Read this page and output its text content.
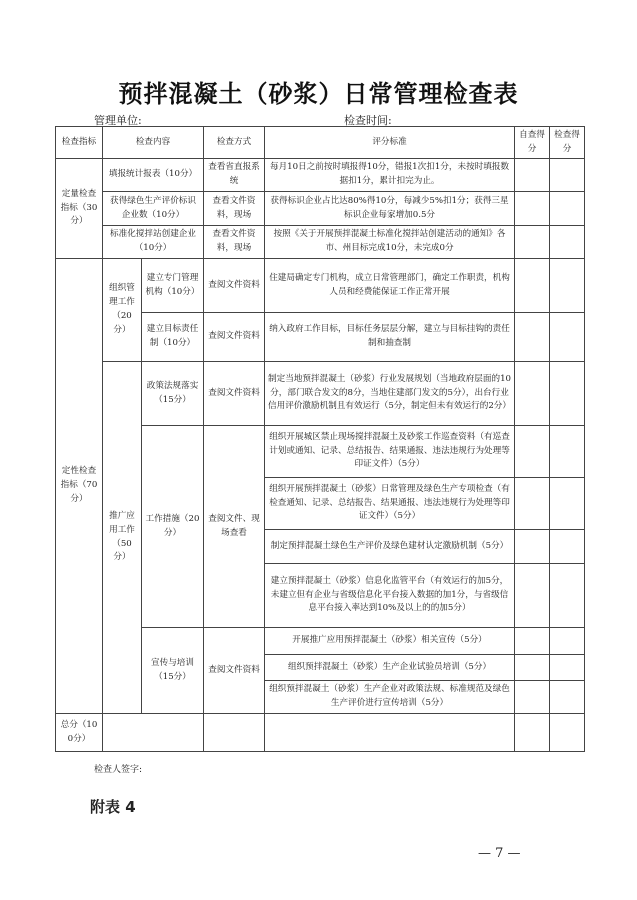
预拌混凝土（砂浆）日常管理检查表
管理单位:	检查时间:
检查指标	检查内容		检查方式	评分标准	自查得分	检查得分
定量检查指标（30分）	填报统计报表（10分）		查看省直报系统	每月10日之前按时填报得10分，错报1次扣1分，未按时填报数据扣1分，累计扣完为止。		
	获得绿色生产评价标识企业数（10分）		查看文件资料，现场	获得标识企业占比达80%得10分，每减少5%扣1分；获得三星标识企业每家增加0.5分		
	标准化搅拌站创建企业（10分）		查看文件资料，现场	按照《关于开展预拌混凝土标准化搅拌站创建活动的通知》各市、州目标完成10分，未完成0分		
定性检查指标（70分）	组织管理工作（20分）	建立专门管理机构（10分）	查阅文件资料	住建局确定专门机构，成立日常管理部门，确定工作职责，机构人员和经费能保证工作正常开展		
		建立目标责任制（10分）	查阅文件资料	纳入政府工作目标，目标任务层层分解，建立与目标挂钩的责任制和抽查制		
	推广应用工作（50分）	政策法规落实（15分）	查阅文件资料	制定当地预拌混凝土（砂浆）行业发展规划（当地政府层面的10分，部门联合发文的8分，当地住建部门发文的5分），出台行业信用评价激励机制且有效运行（5分，制定但未有效运行的2分）		
		工作措施（20分）	查阅文件、现场查看	组织开展城区禁止现场搅拌混凝土及砂浆工作巡查资料（有巡查计划或通知、记录、总结报告、结果通报、违法违规行为处理等印证文件）（5分）		
				组织开展预拌混凝土（砂浆）日常管理及绿色生产专项检查（有检查通知、记录、总结报告、结果通报、违法违规行为处理等印证文件）（5分）		
				制定预拌混凝土绿色生产评价及绿色建材认定激励机制（5分）		
				建立预拌混凝土（砂浆）信息化监管平台（有效运行的加5分，未建立但有企业与省级信息化平台接入数据的加1分，与省级信息平台接入率达到10%及以上的的加5分）		
		宣传与培训（15分）	查阅文件资料	开展推广应用预拌混凝土（砂浆）相关宣传（5分）		
				组织预拌混凝土（砂浆）生产企业试验员培训（5分）		
				组织预拌混凝土（砂浆）生产企业对政策法规、标准规范及绿色生产评价进行宣传培训（5分）		
总分（100分）						
检查人签字:
附表 4
— 7 —
